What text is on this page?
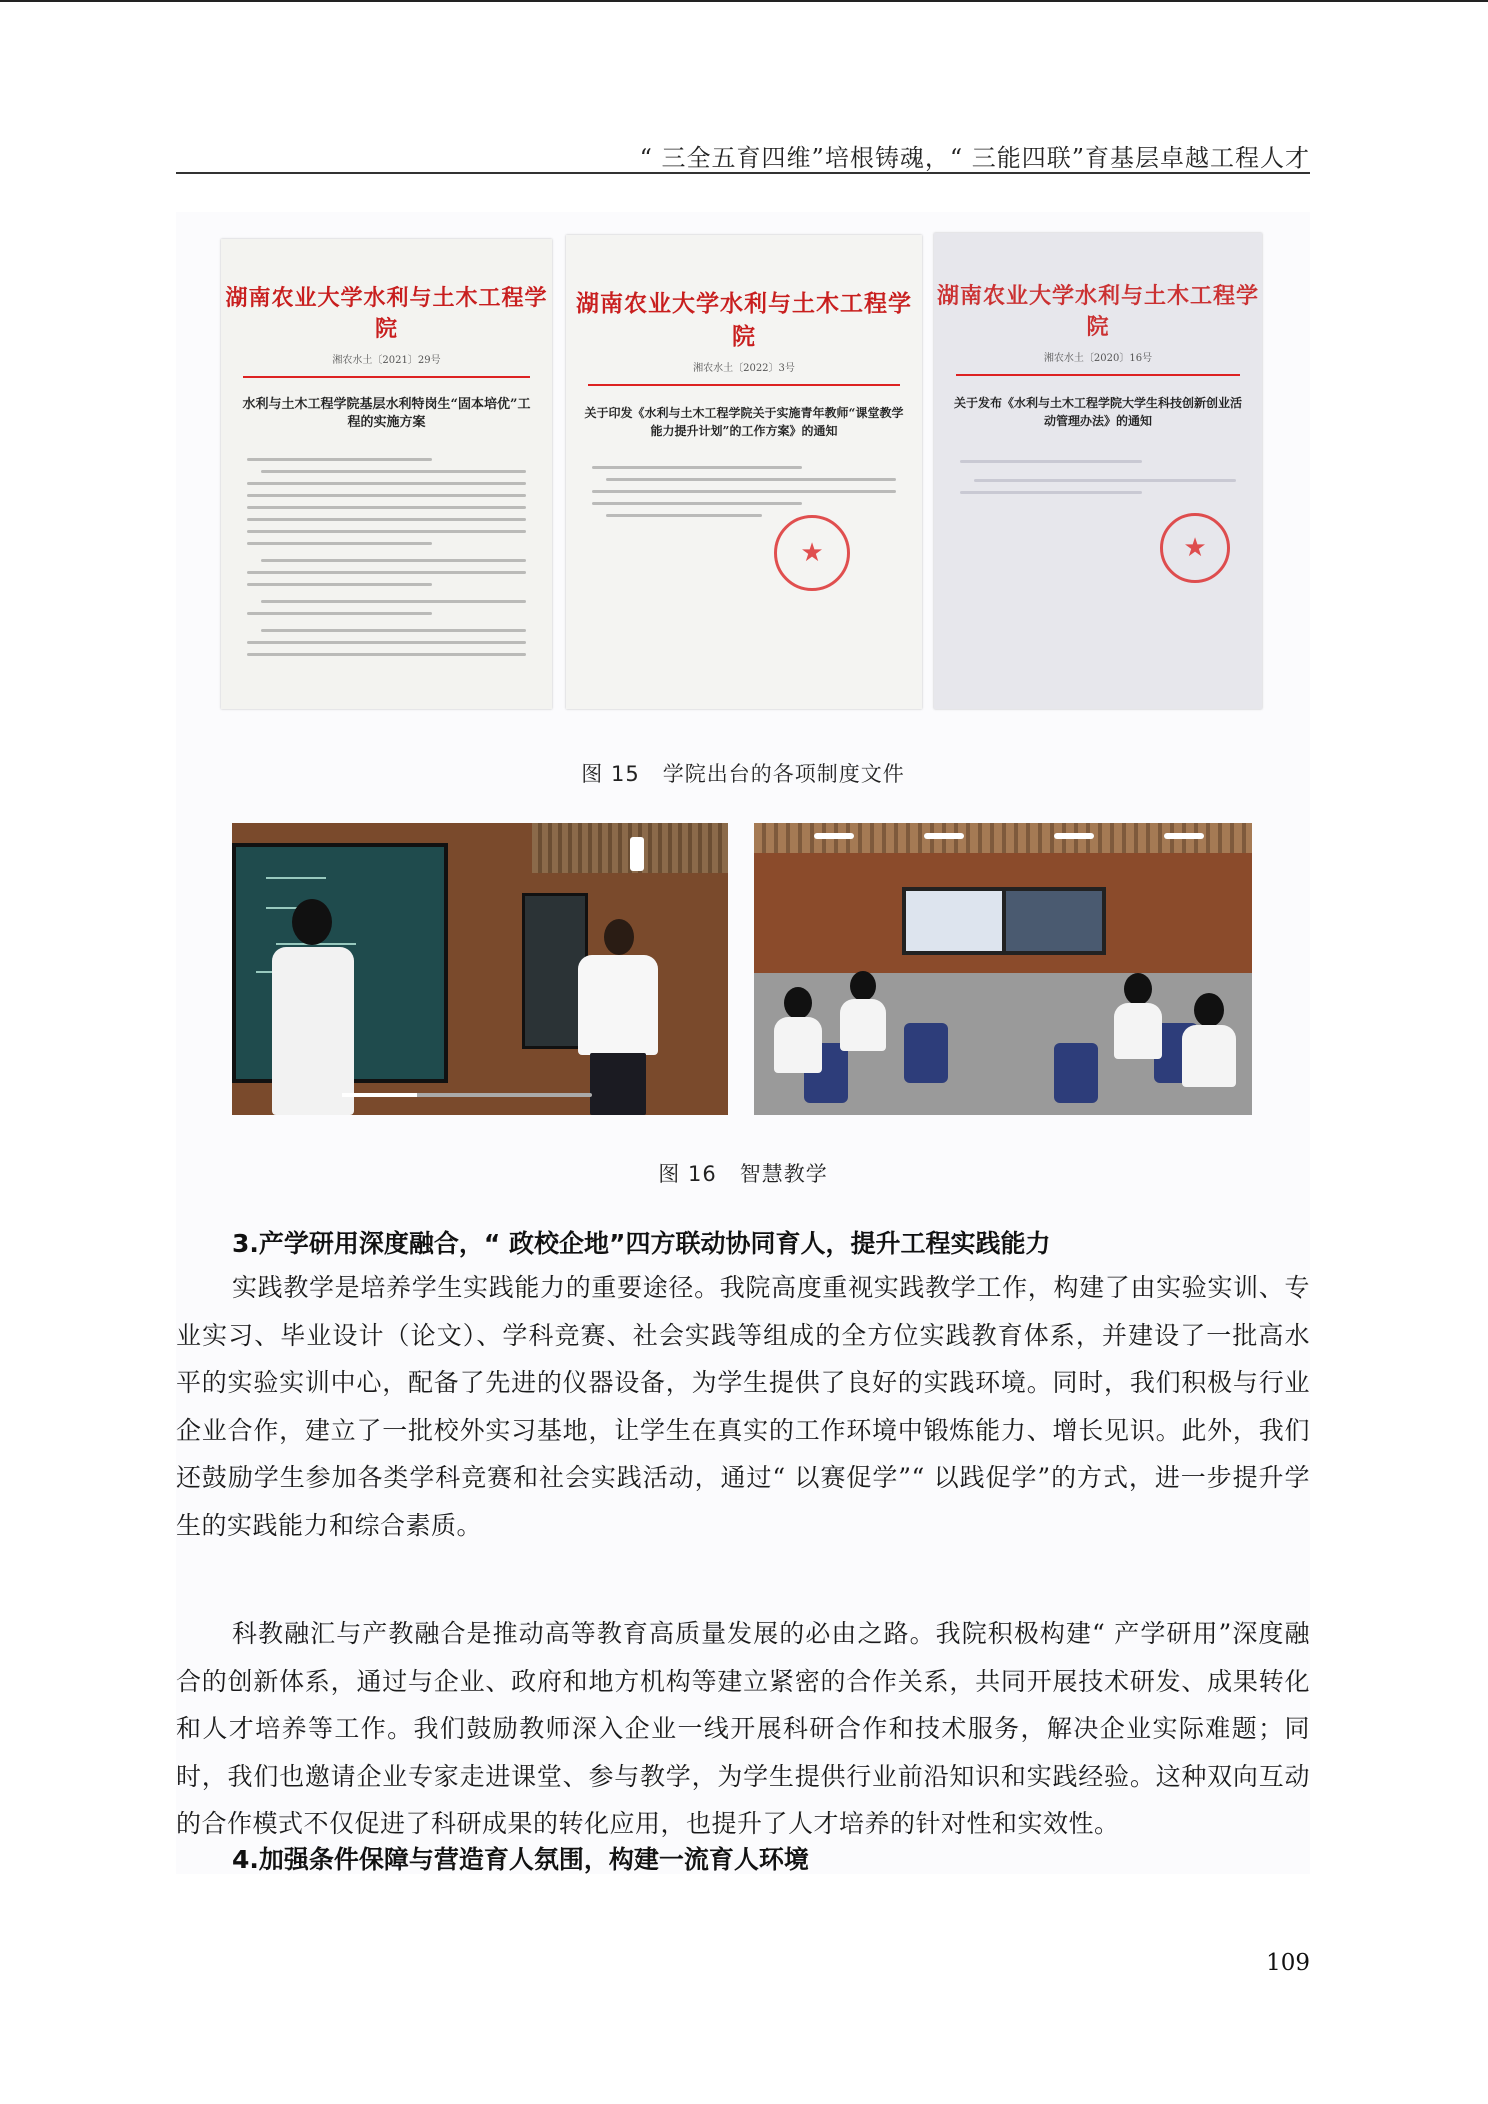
“ 三全五育四维”培根铸魂，“ 三能四联”育基层卓越工程人才
湖南农业大学水利与土木工程学院
湘农水土〔2021〕29号
水利与土木工程学院基层水利特岗生“固本培优”工程的实施方案
湖南农业大学水利与土木工程学院
湘农水土〔2022〕3号
关于印发《水利与土木工程学院关于实施青年教师“课堂教学能力提升计划”的工作方案》的通知
★
湖南农业大学水利与土木工程学院
湘农水土〔2020〕16号
关于发布《水利与土木工程学院大学生科技创新创业活动管理办法》的通知
★
图 15 学院出台的各项制度文件
图 16 智慧教学
3.产学研用深度融合，“ 政校企地”四方联动协同育人，提升工程实践能力

实践教学是培养学生实践能力的重要途径。我院高度重视实践教学工作，构建了由实验实训、专业实习、毕业设计（论文）、学科竞赛、社会实践等组成的全方位实践教育体系，并建设了一批高水平的实验实训中心，配备了先进的仪器设备，为学生提供了良好的实践环境。同时，我们积极与行业企业合作，建立了一批校外实习基地，让学生在真实的工作环境中锻炼能力、增长见识。此外，我们还鼓励学生参加各类学科竞赛和社会实践活动，通过“ 以赛促学”“ 以践促学”的方式，进一步提升学生的实践能力和综合素质。

科教融汇与产教融合是推动高等教育高质量发展的必由之路。我院积极构建“ 产学研用”深度融合的创新体系，通过与企业、政府和地方机构等建立紧密的合作关系，共同开展技术研发、成果转化和人才培养等工作。我们鼓励教师深入企业一线开展科研合作和技术服务，解决企业实际难题；同时，我们也邀请企业专家走进课堂、参与教学，为学生提供行业前沿知识和实践经验。这种双向互动的合作模式不仅促进了科研成果的转化应用，也提升了人才培养的针对性和实效性。

4.加强条件保障与营造育人氛围，构建一流育人环境
109
